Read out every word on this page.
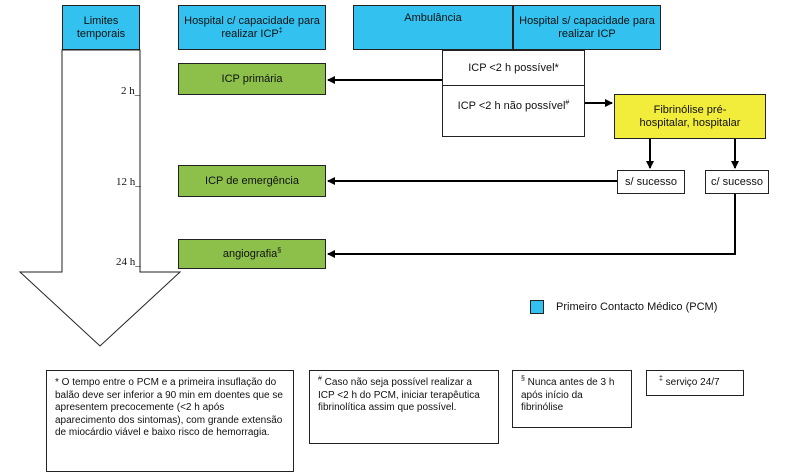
Limites temporais
Hospital c/ capacidade para realizar ICP‡
Ambulância	Hospital s/ capacidade para realizar ICP
ICP <2 h possível*
ICP <2 h não possível#
ICP primária
ICP de emergência
angiografia§
Fibrinólise pré-hospitalar, hospitalar
s/ sucesso	c/ sucesso
2 h_
12 h_
24 h_
Primeiro Contacto Médico (PCM)
* O tempo entre o PCM e a primeira insuflação do balão deve ser inferior a 90 min em doentes que se apresentem precocemente (<2 h após aparecimento dos sintomas), com grande extensão de miocárdio viável e baixo risco de hemorragia.
# Caso não seja possível realizar a ICP <2 h do PCM, iniciar terapêutica fibrinolítica assim que possível.
§ Nunca antes de 3 h após início da fibrinólise
‡ serviço 24/7
